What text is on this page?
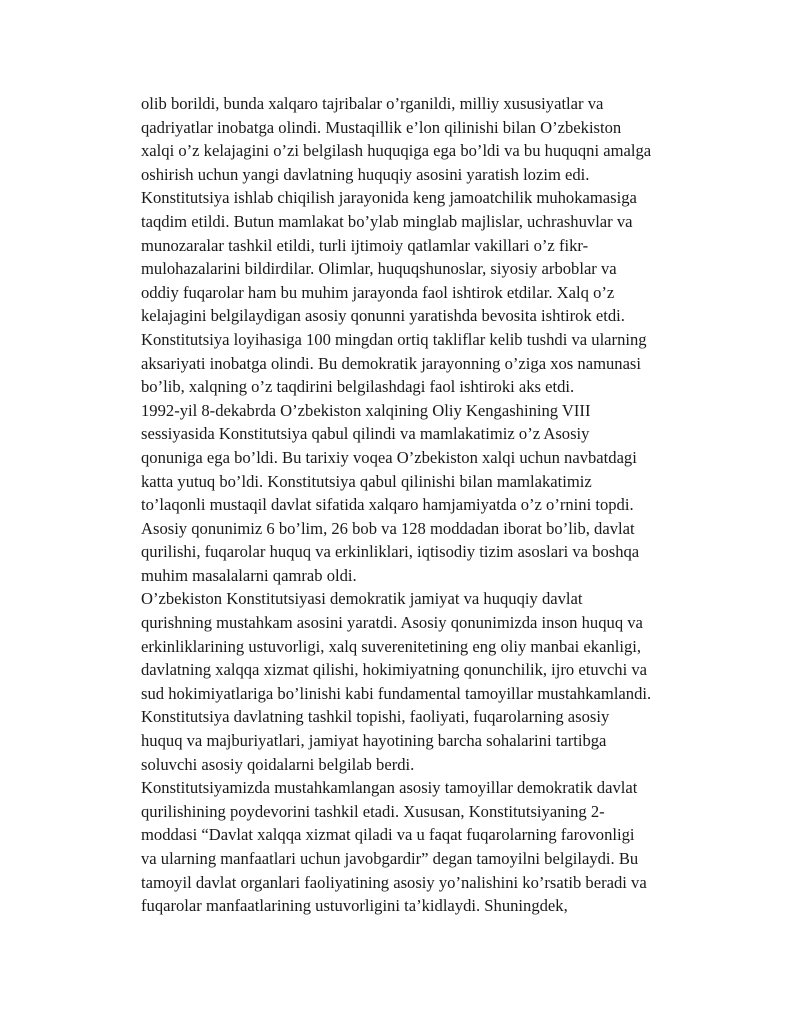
olib borildi, bunda xalqaro tajribalar o’rganildi, milliy xususiyatlar va
qadriyatlar inobatga olindi. Mustaqillik e’lon qilinishi bilan O’zbekiston
xalqi o’z kelajagini o’zi belgilash huquqiga ega bo’ldi va bu huquqni amalga
oshirish uchun yangi davlatning huquqiy asosini yaratish lozim edi.
Konstitutsiya ishlab chiqilish jarayonida keng jamoatchilik muhokamasiga
taqdim etildi. Butun mamlakat bo’ylab minglab majlislar, uchrashuvlar va
munozaralar tashkil etildi, turli ijtimoiy qatlamlar vakillari o’z fikr-
mulohazalarini bildirdilar. Olimlar, huquqshunoslar, siyosiy arboblar va
oddiy fuqarolar ham bu muhim jarayonda faol ishtirok etdilar. Xalq o’z
kelajagini belgilaydigan asosiy qonunni yaratishda bevosita ishtirok etdi.
Konstitutsiya loyihasiga 100 mingdan ortiq takliflar kelib tushdi va ularning
aksariyati inobatga olindi. Bu demokratik jarayonning o’ziga xos namunasi
bo’lib, xalqning o’z taqdirini belgilashdagi faol ishtiroki aks etdi.
1992-yil 8-dekabrda O’zbekiston xalqining Oliy Kengashining VIII
sessiyasida Konstitutsiya qabul qilindi va mamlakatimiz o’z Asosiy
qonuniga ega bo’ldi. Bu tarixiy voqea O’zbekiston xalqi uchun navbatdagi
katta yutuq bo’ldi. Konstitutsiya qabul qilinishi bilan mamlakatimiz
to’laqonli mustaqil davlat sifatida xalqaro hamjamiyatda o’z o’rnini topdi.
Asosiy qonunimiz 6 bo’lim, 26 bob va 128 moddadan iborat bo’lib, davlat
qurilishi, fuqarolar huquq va erkinliklari, iqtisodiy tizim asoslari va boshqa
muhim masalalarni qamrab oldi.
O’zbekiston Konstitutsiyasi demokratik jamiyat va huquqiy davlat
qurishning mustahkam asosini yaratdi. Asosiy qonunimizda inson huquq va
erkinliklarining ustuvorligi, xalq suverenitetining eng oliy manbai ekanligi,
davlatning xalqqa xizmat qilishi, hokimiyatning qonunchilik, ijro etuvchi va
sud hokimiyatlariga bo’linishi kabi fundamental tamoyillar mustahkamlandi.
Konstitutsiya davlatning tashkil topishi, faoliyati, fuqarolarning asosiy
huquq va majburiyatlari, jamiyat hayotining barcha sohalarini tartibga
soluvchi asosiy qoidalarni belgilab berdi.
Konstitutsiyamizda mustahkamlangan asosiy tamoyillar demokratik davlat
qurilishining poydevorini tashkil etadi. Xususan, Konstitutsiyaning 2-
moddasi “Davlat xalqqa xizmat qiladi va u faqat fuqarolarning farovonligi
va ularning manfaatlari uchun javobgardir” degan tamoyilni belgilaydi. Bu
tamoyil davlat organlari faoliyatining asosiy yo’nalishini ko’rsatib beradi va
fuqarolar manfaatlarining ustuvorligini ta’kidlaydi. Shuningdek,
